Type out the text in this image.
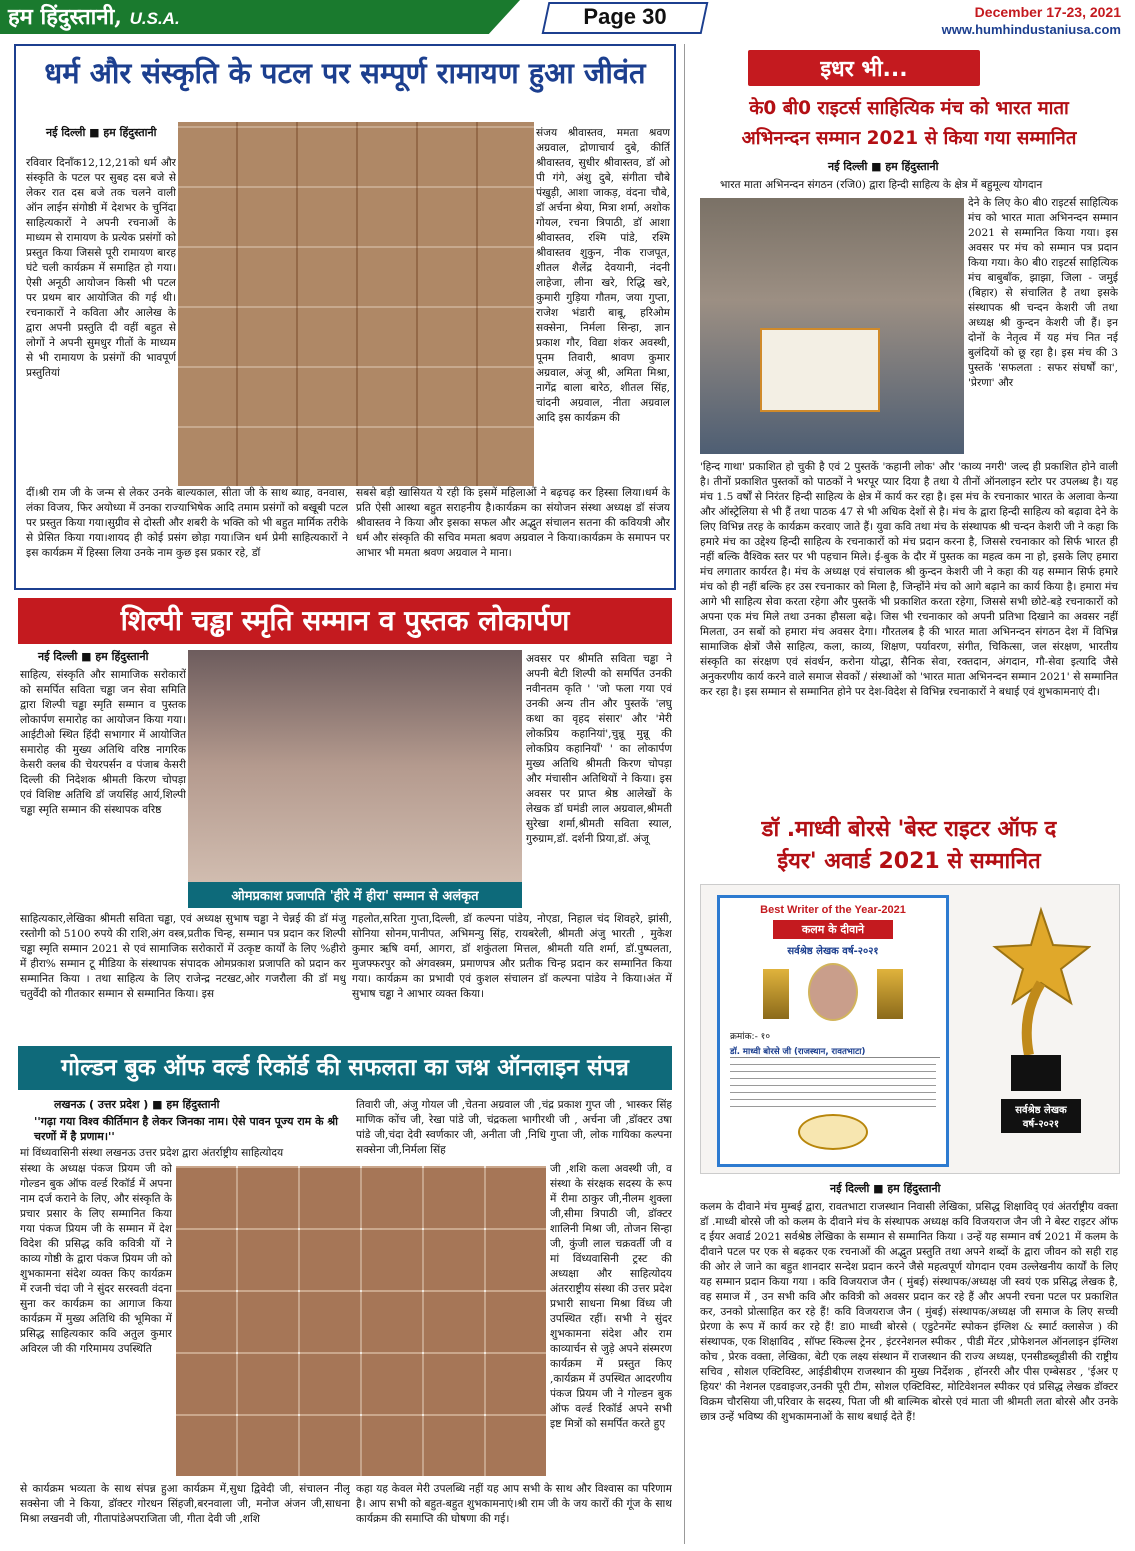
हम हिंदुस्तानी, U.S.A.	Page 30	December 17-23, 2021
www.humhindustaniusa.com
धर्म और संस्कृति के पटल पर सम्पूर्ण रामायण हुआ जीवंत
नई दिल्ली ■ हम हिंदुस्तानी
रविवार दिनाँक12,12,21को धर्म और संस्कृति के पटल पर सुबह दस बजे से लेकर रात दस बजे तक चलने वाली ऑन लाईन संगोष्ठी में देशभर के चुनिंदा साहित्यकारों ने अपनी रचनाओं के माध्यम से रामायण के प्रत्येक प्रसंगों को प्रस्तुत किया जिससे पूरी रामायण बारह घंटे चली कार्यक्रम में समाहित हो गया।ऐसी अनूठी आयोजन किसी भी पटल पर प्रथम बार आयोजित की गई थी।रचनाकारों ने कविता और आलेख के द्वारा अपनी प्रस्तुति दी वहीं बहुत से लोगों ने अपनी सुमधुर गीतों के माध्यम से भी रामायण के प्रसंगों की भावपूर्ण प्रस्तुतियां
संजय श्रीवास्तव, ममता श्रवण अग्रवाल, द्रोणाचार्य दुबे, कीर्ति श्रीवास्तव, सुधीर श्रीवास्तव, डॉ ओ पी गंगे, अंशु दुबे, संगीता चौबे पंखुड़ी, आशा जाकड़, वंदना चौबे, डॉ अर्चना श्रेया, मित्रा शर्मा, अशोक गोयल, रचना त्रिपाठी, डॉ आशा श्रीवास्तव, रश्मि पांडे, रश्मि श्रीवास्तव शुकुन, नीक राजपूत, शीतल शैलेंद्र देवयानी, नंदनी लाहेजा, लीना खरे, रिद्धि खरे, कुमारी गुड़िया गौतम, जया गुप्ता, राजेश भंडारी बाबू, हरिओम सक्सेना, निर्मला सिन्हा, ज्ञान प्रकाश गौर, विद्या शंकर अवस्थी, पूनम तिवारी, श्रावण कुमार अग्रवाल, अंजू श्री, अमिता मिश्रा, नागेंद्र बाला बारेठ, शीतल सिंह, चांदनी अग्रवाल, नीता अग्रवाल आदि इस कार्यक्रम की
दीं।श्री राम जी के जन्म से लेकर उनके बाल्यकाल, सीता जी के साथ ब्याह, वनवास, लंका विजय, फिर अयोध्या में उनका राज्याभिषेक आदि तमाम प्रसंगों को बखूबी पटल पर प्रस्तुत किया गया।सुग्रीव से दोस्ती और शबरी के भक्ति को भी बहुत मार्मिक तरीके से प्रेसित किया गया।शायद ही कोई प्रसंग छोड़ा गया।जिन धर्म प्रेमी साहित्यकारों ने इस कार्यक्रम में हिस्सा लिया उनके नाम कुछ इस प्रकार रहे, डॉ
सबसे बड़ी खासियत ये रही कि इसमें महिलाओं ने बढ़चढ़ कर हिस्सा लिया।धर्म के प्रति ऐसी आस्था बहुत सराहनीय है।कार्यक्रम का संयोजन संस्था अध्यक्ष डॉ संजय श्रीवास्तव ने किया और इसका सफल और अद्भुत संचालन सतना की कवियत्री और धर्म और संस्कृति की सचिव ममता श्रवण अग्रवाल ने किया।कार्यक्रम के समापन पर आभार भी ममता श्रवण अग्रवाल ने माना।
शिल्पी चड्ढा स्मृति सम्मान व पुस्तक लोकार्पण
नई दिल्ली ■ हम हिंदुस्तानी
साहित्य, संस्कृति और सामाजिक सरोकारों को समर्पित सविता चड्ढा जन सेवा समिति द्वारा शिल्पी चड्ढा स्मृति सम्मान व पुस्तक लोकार्पण समारोह का आयोजन किया गया। आईटीओ स्थित हिंदी सभागार में आयोजित समारोह की मुख्य अतिथि वरिष्ठ नागरिक केसरी क्लब की चेयरपर्सन व पंजाब केसरी दिल्ली की निदेशक श्रीमती किरण चोपड़ा एवं विशिष्ट अतिथि डॉ जयसिंह आर्य,शिल्पी चड्ढा स्मृति सम्मान की संस्थापक वरिष्ठ
ओमप्रकाश प्रजापति 'हीरे में हीरा' सम्मान से अलंकृत
अवसर पर श्रीमति सविता चड्ढा ने अपनी बेटी शिल्पी को समर्पित उनकी नवीनतम कृति ' 'जो फला गया एवं उनकी अन्य तीन और पुस्तकें 'लघु कथा का वृहद संसार' और 'मेरी लोकप्रिय कहानियां',चुन्नू मुन्नू की लोकप्रिय कहानियाँ' ' का लोकार्पण मुख्य अतिथि श्रीमती किरण चोपड़ा और मंचासीन अतिथियों ने किया। इस अवसर पर प्राप्त श्रेष्ठ आलेखों के लेखक डॉ घमंडी लाल अग्रवाल,श्रीमती सुरेखा शर्मा,श्रीमती सविता स्याल, गुरुग्राम,डॉ. दर्शनी प्रिया,डॉ. अंजू
साहित्यकार,लेखिका श्रीमती सविता चड्ढा, एवं अध्यक्ष सुभाष चड्ढा ने चेन्नई की डॉ मंजु रस्तोगी को 5100 रुपये की राशि,अंग वस्त्र,प्रतीक चिन्ह, सम्मान पत्र प्रदान कर शिल्पी चड्ढा स्मृति सम्मान 2021 से एवं सामाजिक सरोकारों में उत्कृष्ट कार्यों के लिए %हीरो में हीरा% सम्मान टू मीडिया के संस्थापक संपादक ओमप्रकाश प्रजापति को प्रदान कर सम्मानित किया । तथा साहित्य के लिए राजेन्द्र नटखट,ओर गजरौला की डॉ मधु चतुर्वेदी को गीतकार सम्मान से सम्मानित किया। इस
गहलोत,सरिता गुप्ता,दिल्ली, डॉ कल्पना पांडेय, नोएडा, निहाल चंद शिवहरे, झांसी, सोनिया सोनम,पानीपत, अभिमन्यु सिंह, रायबरेली, श्रीमती अंजु भारती , मुकेश कुमार ऋषि वर्मा, आगरा, डॉ शकुंतला मित्तल, श्रीमती यति शर्मा, डॉ.पुष्पलता, मुजफ्फरपुर को अंगवस्त्रम, प्रमाणपत्र और प्रतीक चिन्ह प्रदान कर सम्मानित किया गया। कार्यक्रम का प्रभावी एवं कुशल संचालन डॉ कल्पना पांडेय ने किया।अंत में सुभाष चड्ढा ने आभार व्यक्त किया।
गोल्डन बुक ऑफ वर्ल्ड रिकॉर्ड की सफलता का जश्न ऑनलाइन संपन्न
लखनऊ ( उत्तर प्रदेश ) ■ हम हिंदुस्तानी
''गढ़ा गया विश्व कीर्तिमान है लेकर जिनका नाम। ऐसे पावन पूज्य राम के श्री चरणों में है प्रणाम।''
मां विंध्यवासिनी संस्था लखनऊ उत्तर प्रदेश द्वारा अंतर्राष्ट्रीय साहित्योदय
संस्था के अध्यक्ष पंकज प्रियम जी को गोल्डन बुक ऑफ वर्ल्ड रिकॉर्ड में अपना नाम दर्ज कराने के लिए, और संस्कृति के प्रचार प्रसार के लिए सम्मानित किया गया पंकज प्रियम जी के सम्मान में देश विदेश की प्रसिद्ध कवि कवित्री यों ने काव्य गोष्ठी के द्वारा पंकज प्रियम जी को शुभकामना संदेश व्यक्त किए कार्यक्रम में रजनी चंदा जी ने सुंदर सरस्वती वंदना सुना कर कार्यक्रम का आगाज किया कार्यक्रम में मुख्य अतिथि की भूमिका में प्रसिद्ध साहित्यकार कवि अतुल कुमार अविरल जी की गरिमामय उपस्थिति
तिवारी जी, अंजु गोयल जी ,चेतना अग्रवाल जी ,चंद्र प्रकाश गुप्त जी , भास्कर सिंह माणिक कोंच जी, रेखा पांडे जी, चंद्रकला भागीरथी जी , अर्चना जी ,डॉक्टर उषा पांडे जी,चंदा देवी स्वर्णकार जी, अनीता जी ,निधि गुप्ता जी, लोक गायिका कल्पना सक्सेना जी,निर्मला सिंह
जी ,शशि कला अवस्थी जी, व संस्था के संरक्षक सदस्य के रूप में रीमा ठाकुर जी,नीलम शुक्ला जी,सीमा त्रिपाठी जी, डॉक्टर शालिनी मिश्रा जी, तोजन सिन्हा जी, कुंजी लाल चक्रवर्ती जी व मां विंध्यवासिनी ट्रस्ट की अध्यक्षा और साहित्योदय अंतरराष्ट्रीय संस्था की उत्तर प्रदेश प्रभारी साधना मिश्रा विंध्य जी उपस्थित रहीं। सभी ने सुंदर शुभकामना संदेश और राम काव्यार्चन से जुड़े अपने संस्मरण कार्यक्रम में प्रस्तुत किए ,कार्यक्रम में उपस्थित आदरणीय पंकज प्रियम जी ने गोल्डन बुक ऑफ वर्ल्ड रिकॉर्ड अपने सभी इष्ट मित्रों को समर्पित करते हुए
से कार्यक्रम भव्यता के साथ संपन्न हुआ कार्यक्रम में,सुधा द्विवेदी जी, संचालन नीलू सक्सेना जी ने किया, डॉक्टर गोरधन सिंहजी,बरनवाला जी, मनोज अंजन जी,साधना मिश्रा लखनवी जी, गीतापांडेअपराजिता जी, गीता देवी जी ,शशि
कहा यह केवल मेरी उपलब्धि नहीं यह आप सभी के साथ और विश्वास का परिणाम है। आप सभी को बहुत-बहुत शुभकामनाएं।श्री राम जी के जय कारों की गूंज के साथ कार्यक्रम की समाप्ति की घोषणा की गई।
इधर भी...
के0 बी0 राइटर्स साहित्यिक मंच को भारत माता
अभिनन्दन सम्मान 2021 से किया गया सम्मानित
नई दिल्ली ■ हम हिंदुस्तानी
भारत माता अभिनन्दन संगठन (रजि0) द्वारा हिन्दी साहित्य के क्षेत्र में बहुमूल्य योगदान
देने के लिए के0 बी0 राइटर्स साहित्यिक मंच को भारत माता अभिनन्दन सम्मान 2021 से सम्मानित किया गया। इस अवसर पर मंच को सम्मान पत्र प्रदान किया गया। के0 बी0 राइटर्स साहित्यिक मंच बाबुबाँक, झाझा, जिला - जमुई (बिहार) से संचालित है तथा इसके संस्थापक श्री चन्दन केशरी जी तथा अध्यक्ष श्री कुन्दन केशरी जी हैं। इन दोनों के नेतृत्व में यह मंच नित नई बुलंदियों को छू रहा है। इस मंच की 3 पुस्तकें 'सफलता : सफर संघर्षों का', 'प्रेरणा' और
'हिन्द गाथा' प्रकाशित हो चुकी है एवं 2 पुस्तकें 'कहानी लोक' और 'काव्य नगरी' जल्द ही प्रकाशित होने वाली है। तीनों प्रकाशित पुस्तकों को पाठकों ने भरपूर प्यार दिया है तथा ये तीनों ऑनलाइन स्टोर पर उपलब्ध है। यह मंच 1.5 वर्षों से निरंतर हिन्दी साहित्य के क्षेत्र में कार्य कर रहा है। इस मंच के रचनाकार भारत के अलावा केन्या और ऑस्ट्रेलिया से भी हैं तथा पाठक 47 से भी अधिक देशों से है। मंच के द्वारा हिन्दी साहित्य को बढ़ावा देने के लिए विभिन्न तरह के कार्यक्रम करवाए जाते हैं। युवा कवि तथा मंच के संस्थापक श्री चन्दन केशरी जी ने कहा कि हमारे मंच का उद्देश्य हिन्दी साहित्य के रचनाकारों को मंच प्रदान करना है, जिससे रचनाकार को सिर्फ भारत ही नहीं बल्कि वैश्विक स्तर पर भी पहचान मिले। ई-बुक के दौर में पुस्तक का महत्व कम ना हो, इसके लिए हमारा मंच लगातार कार्यरत है। मंच के अध्यक्ष एवं संचालक श्री कुन्दन केशरी जी ने कहा की यह सम्मान सिर्फ हमारे मंच को ही नहीं बल्कि हर उस रचनाकार को मिला है, जिन्होंने मंच को आगे बढ़ाने का कार्य किया है। हमारा मंच आगे भी साहित्य सेवा करता रहेगा और पुस्तकें भी प्रकाशित करता रहेगा, जिससे सभी छोटे-बड़े रचनाकारों को अपना एक मंच मिले तथा उनका हौसला बढ़े। जिस भी रचनाकार को अपनी प्रतिभा दिखाने का अवसर नहीं मिलता, उन सबों को हमारा मंच अवसर देगा। गौरतलब है की भारत माता अभिनन्दन संगठन देश में विभिन्न सामाजिक क्षेत्रों जैसे साहित्य, कला, काव्य, शिक्षण, पर्यावरण, संगीत, चिकित्सा, जल संरक्षण, भारतीय संस्कृति का संरक्षण एवं संवर्धन, करोना योद्धा, सैनिक सेवा, रक्तदान, अंगदान, गौ-सेवा इत्यादि जैसे अनुकरणीय कार्य करने वाले समाज सेवकों / संस्थाओं को 'भारत माता अभिनन्दन सम्मान 2021' से सम्मानित कर रहा है। इस सम्मान से सम्मानित होने पर देश-विदेश से विभिन्न रचनाकारों ने बधाई एवं शुभकामनाएं दी।
डॉ .माध्वी बोरसे 'बेस्ट राइटर ऑफ द
ईयर' अवार्ड 2021 से सम्मानित
Best Writer of the Year-2021
कलम के दीवाने
सर्वश्रेष्ठ लेखक वर्ष-२०२१
क्रमांक:- १०
डॉ. माध्वी बोरसे जी (राजस्थान, रावतभाटा)
सर्वश्रेष्ठ लेखक वर्ष-२०२१
नई दिल्ली ■ हम हिंदुस्तानी
कलम के दीवाने मंच मुम्बई द्वारा, रावतभाटा राजस्थान निवासी लेखिका, प्रसिद्ध शिक्षाविद् एवं अंतर्राष्ट्रीय वक्ता डॉ .माध्वी बोरसे जी को कलम के दीवाने मंच के संस्थापक अध्यक्ष कवि विजयराज जैन जी ने बेस्ट राइटर ऑफ द ईयर अवार्ड 2021 सर्वश्रेष्ठ लेखिका के सम्मान से सम्मानित किया । उन्हें यह सम्मान वर्ष 2021 में कलम के दीवाने पटल पर एक से बढ़कर एक रचनाओं की अद्भुत प्रस्तुति तथा अपने शब्दों के द्वारा जीवन को सही राह की ओर ले जाने का बहुत शानदार सन्देश प्रदान करने जैसे महत्वपूर्ण योगदान एवम उल्लेखनीय कार्यों के लिए यह सम्मान प्रदान किया गया । कवि विजयराज जैन ( मुंबई) संस्थापक/अध्यक्ष जी स्वयं एक प्रसिद्ध लेखक है, वह समाज में , उन सभी कवि और कवित्री को अवसर प्रदान कर रहे हैं और अपनी रचना पटल पर प्रकाशित कर, उनको प्रोत्साहित कर रहे हैं! कवि विजयराज जैन ( मुंबई) संस्थापक/अध्यक्ष जी समाज के लिए सच्ची प्रेरणा के रूप में कार्य कर रहे हैं! डा0 माध्वी बोरसे ( एडुटेनमेंट स्पोकन इंग्लिश & स्मार्ट क्लासेज ) की संस्थापक, एक शिक्षाविद , सॉफ्ट स्किल्स ट्रेनर , इंटरनेशनल स्पीकर , पीडी मेंटर ,प्रोफेशनल ऑनलाइन इंग्लिश कोच , प्रेरक वक्ता, लेखिका, बेटी एक लक्ष्य संस्थान में राजस्थान की राज्य अध्यक्ष, एनसीडब्लूडीसी की राष्ट्रीय सचिव , सोशल एक्टिविस्ट, आईडीबीएम राजस्थान की मुख्य निर्देशक , हॉनररी और पीस एम्बेसडर , 'ईअर ए हियर' की नेशनल एडवाइजर,उनकी पूरी टीम, सोशल एक्टिविस्ट, मोटिवेशनल स्पीकर एवं प्रसिद्ध लेखक डॉक्टर विक्रम चौरसिया जी,परिवार के सदस्य, पिता जी श्री बाल्मिक बोरसे एवं माता जी श्रीमती लता बोरसे और उनके छात्र उन्हें भविष्य की शुभकामनाओं के साथ बधाई देते हैं!
